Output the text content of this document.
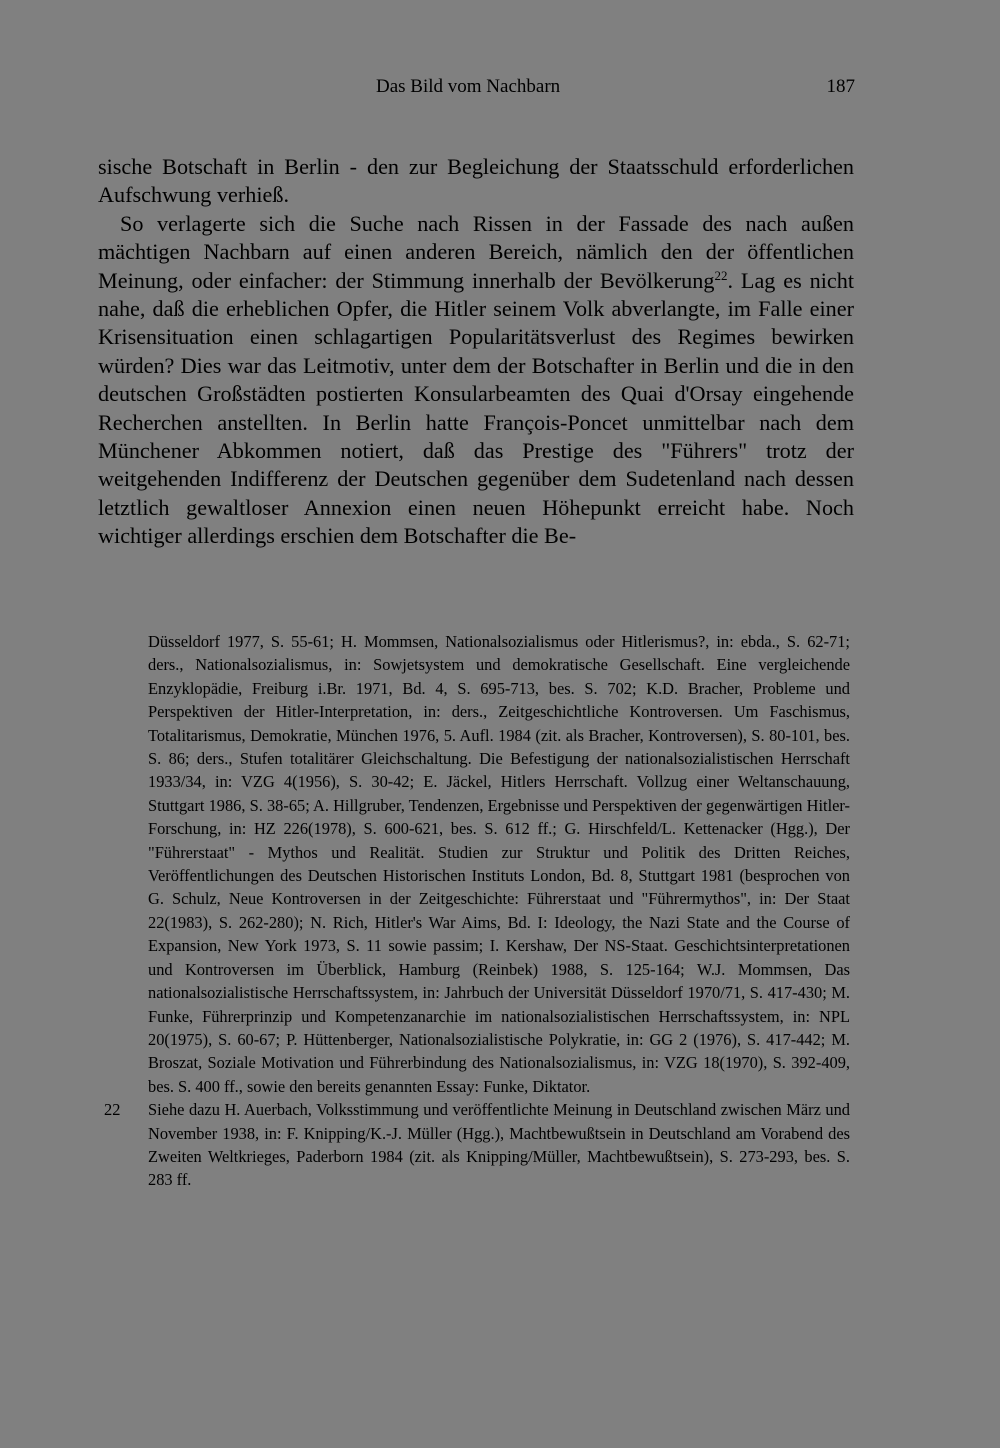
Das Bild vom Nachbarn	187

sische Botschaft in Berlin - den zur Begleichung der Staatsschuld erforderlichen Aufschwung verhieß.

So verlagerte sich die Suche nach Rissen in der Fassade des nach außen mächtigen Nachbarn auf einen anderen Bereich, nämlich den der öffentlichen Meinung, oder einfacher: der Stimmung innerhalb der Bevölkerung$^{22}$. Lag es nicht nahe, daß die erheblichen Opfer, die Hitler seinem Volk abverlangte, im Falle einer Krisensituation einen schlagartigen Popularitätsverlust des Regimes bewirken würden? Dies war das Leitmotiv, unter dem der Botschafter in Berlin und die in den deutschen Großstädten postierten Konsularbeamten des Quai d'Orsay eingehende Recherchen anstellten. In Berlin hatte François-Poncet unmittelbar nach dem Münchener Abkommen notiert, daß das Prestige des "Führers" trotz der weitgehenden Indifferenz der Deutschen gegenüber dem Sudetenland nach dessen letztlich gewaltloser Annexion einen neuen Höhepunkt erreicht habe. Noch wichtiger allerdings erschien dem Botschafter die Be-

Düsseldorf 1977, S. 55-61; H. Mommsen, Nationalsozialismus oder Hitlerismus?, in: ebda., S. 62-71; ders., Nationalsozialismus, in: Sowjetsystem und demokratische Gesellschaft. Eine vergleichende Enzyklopädie, Freiburg i.Br. 1971, Bd. 4, S. 695-713, bes. S. 702; K.D. Bracher, Probleme und Perspektiven der Hitler-Interpretation, in: ders., Zeitgeschichtliche Kontroversen. Um Faschismus, Totalitarismus, Demokratie, München 1976, 5. Aufl. 1984 (zit. als Bracher, Kontroversen), S. 80-101, bes. S. 86; ders., Stufen totalitärer Gleichschaltung. Die Befestigung der nationalsozialistischen Herrschaft 1933/34, in: VZG 4(1956), S. 30-42; E. Jäckel, Hitlers Herrschaft. Vollzug einer Weltanschauung, Stuttgart 1986, S. 38-65; A. Hillgruber, Tendenzen, Ergebnisse und Perspektiven der gegenwärtigen Hitler-Forschung, in: HZ 226(1978), S. 600-621, bes. S. 612 ff.; G. Hirschfeld/L. Kettenacker (Hgg.), Der "Führerstaat" - Mythos und Realität. Studien zur Struktur und Politik des Dritten Reiches, Veröffentlichungen des Deutschen Historischen Instituts London, Bd. 8, Stuttgart 1981 (besprochen von G. Schulz, Neue Kontroversen in der Zeitgeschichte: Führerstaat und "Führermythos", in: Der Staat 22(1983), S. 262-280); N. Rich, Hitler's War Aims, Bd. I: Ideology, the Nazi State and the Course of Expansion, New York 1973, S. 11 sowie passim; I. Kershaw, Der NS-Staat. Geschichtsinterpretationen und Kontroversen im Überblick, Hamburg (Reinbek) 1988, S. 125-164; W.J. Mommsen, Das nationalsozialistische Herrschaftssystem, in: Jahrbuch der Universität Düsseldorf 1970/71, S. 417-430; M. Funke, Führerprinzip und Kompetenzanarchie im nationalsozialistischen Herrschaftssystem, in: NPL 20(1975), S. 60-67; P. Hüttenberger, Nationalsozialistische Polykratie, in: GG 2 (1976), S. 417-442; M. Broszat, Soziale Motivation und Führerbindung des Nationalsozialismus, in: VZG 18(1970), S. 392-409, bes. S. 400 ff., sowie den bereits genannten Essay: Funke, Diktator.

22	Siehe dazu H. Auerbach, Volksstimmung und veröffentlichte Meinung in Deutschland zwischen März und November 1938, in: F. Knipping/K.-J. Müller (Hgg.), Machtbewußtsein in Deutschland am Vorabend des Zweiten Weltkrieges, Paderborn 1984 (zit. als Knipping/Müller, Machtbewußtsein), S. 273-293, bes. S. 283 ff.
